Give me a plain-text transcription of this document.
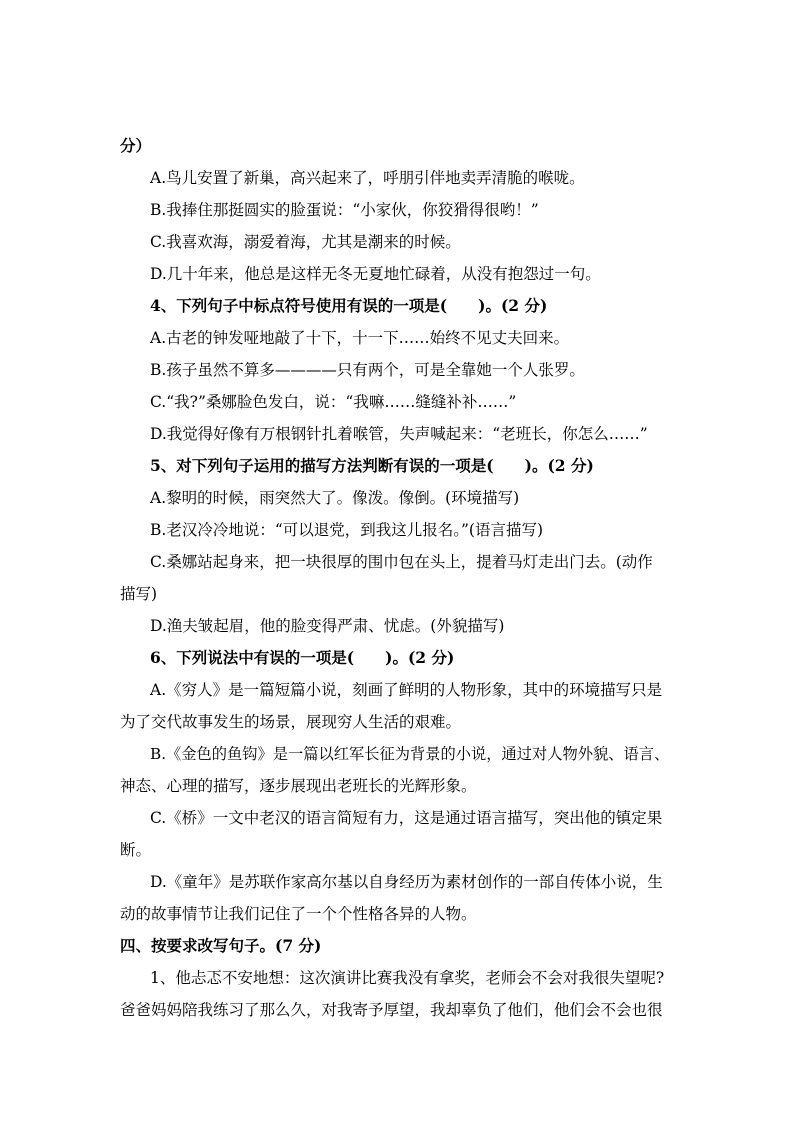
分）
A.鸟儿安置了新巢，高兴起来了，呼朋引伴地卖弄清脆的喉咙。
B.我捧住那挺圆实的脸蛋说：“小家伙，你狡猾得很哟！”
C.我喜欢海，溺爱着海，尤其是潮来的时候。
D.几十年来，他总是这样无冬无夏地忙碌着，从没有抱怨过一句。
4、下列句子中标点符号使用有误的一项是(　　)。(2 分)
A.古老的钟发哑地敲了十下，十一下……始终不见丈夫回来。
B.孩子虽然不算多————只有两个，可是全靠她一个人张罗。
C.“我?”桑娜脸色发白，说：“我嘛……缝缝补补……”
D.我觉得好像有万根钢针扎着喉管，失声喊起来：“老班长，你怎么……”
5、对下列句子运用的描写方法判断有误的一项是(　　)。(2 分)
A.黎明的时候，雨突然大了。像泼。像倒。(环境描写)
B.老汉冷冷地说：“可以退党，到我这儿报名。”(语言描写)
C.桑娜站起身来，把一块很厚的围巾包在头上，提着马灯走出门去。(动作
描写)
D.渔夫皱起眉，他的脸变得严肃、忧虑。(外貌描写)
6、下列说法中有误的一项是(　　)。(2 分)
A.《穷人》是一篇短篇小说，刻画了鲜明的人物形象，其中的环境描写只是
为了交代故事发生的场景，展现穷人生活的艰难。
B.《金色的鱼钩》是一篇以红军长征为背景的小说，通过对人物外貌、语言、
神态、心理的描写，逐步展现出老班长的光辉形象。
C.《桥》一文中老汉的语言简短有力，这是通过语言描写，突出他的镇定果
断。
D.《童年》是苏联作家高尔基以自身经历为素材创作的一部自传体小说，生
动的故事情节让我们记住了一个个性格各异的人物。
四、按要求改写句子。(7 分)
1、他忐忑不安地想：这次演讲比赛我没有拿奖，老师会不会对我很失望呢?
爸爸妈妈陪我练习了那么久，对我寄予厚望，我却辜负了他们，他们会不会也很
